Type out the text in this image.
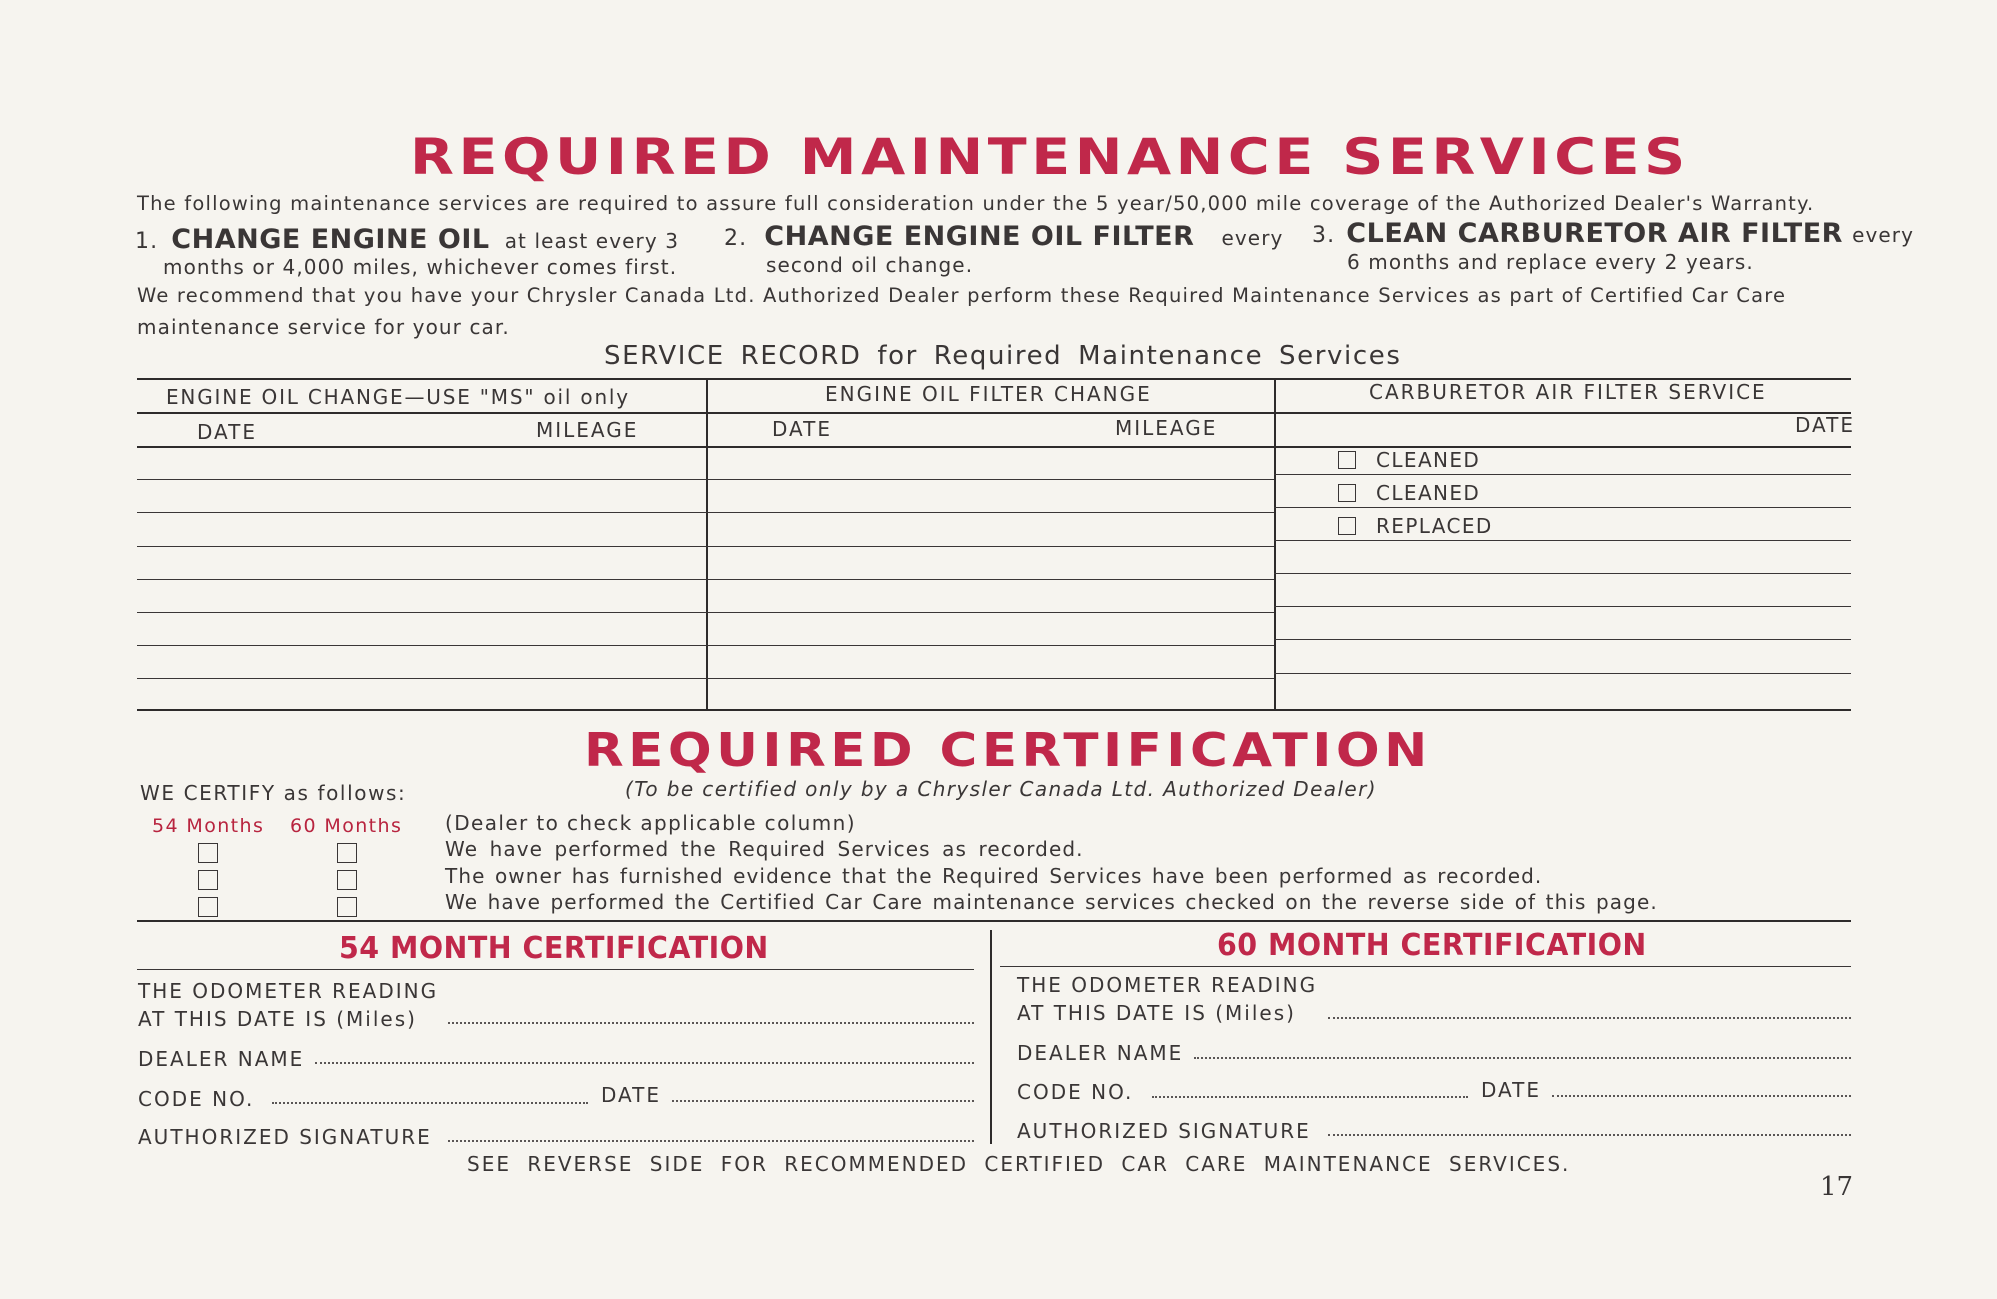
REQUIRED MAINTENANCE SERVICES
The following maintenance services are required to assure full consideration under the 5 year/50,000 mile coverage of the Authorized Dealer's Warranty.
1. CHANGE ENGINE OIL at least every 3
months or 4,000 miles, whichever comes first.
2. CHANGE ENGINE OIL FILTER every
second oil change.
3. CLEAN CARBURETOR AIR FILTER every
6 months and replace every 2 years.
We recommend that you have your Chrysler Canada Ltd. Authorized Dealer perform these Required Maintenance Services as part of Certified Car Care
maintenance service for your car.
SERVICE RECORD for Required Maintenance Services
ENGINE OIL CHANGE—USE "MS" oil only	ENGINE OIL FILTER CHANGE	CARBURETOR AIR FILTER SERVICE
DATE	MILEAGE	DATE	MILEAGE	DATE
CLEANED
CLEANED
REPLACED
REQUIRED CERTIFICATION
(To be certified only by a Chrysler Canada Ltd. Authorized Dealer)
WE CERTIFY as follows:
54 Months 60 Months (Dealer to check applicable column)
We have performed the Required Services as recorded.
The owner has furnished evidence that the Required Services have been performed as recorded.
We have performed the Certified Car Care maintenance services checked on the reverse side of this page.
54 MONTH CERTIFICATION
THE ODOMETER READING
AT THIS DATE IS (Miles)
DEALER NAME
CODE NO.	DATE
AUTHORIZED SIGNATURE
60 MONTH CERTIFICATION
THE ODOMETER READING
AT THIS DATE IS (Miles)
DEALER NAME
CODE NO.	DATE
AUTHORIZED SIGNATURE
SEE REVERSE SIDE FOR RECOMMENDED CERTIFIED CAR CARE MAINTENANCE SERVICES.
17
